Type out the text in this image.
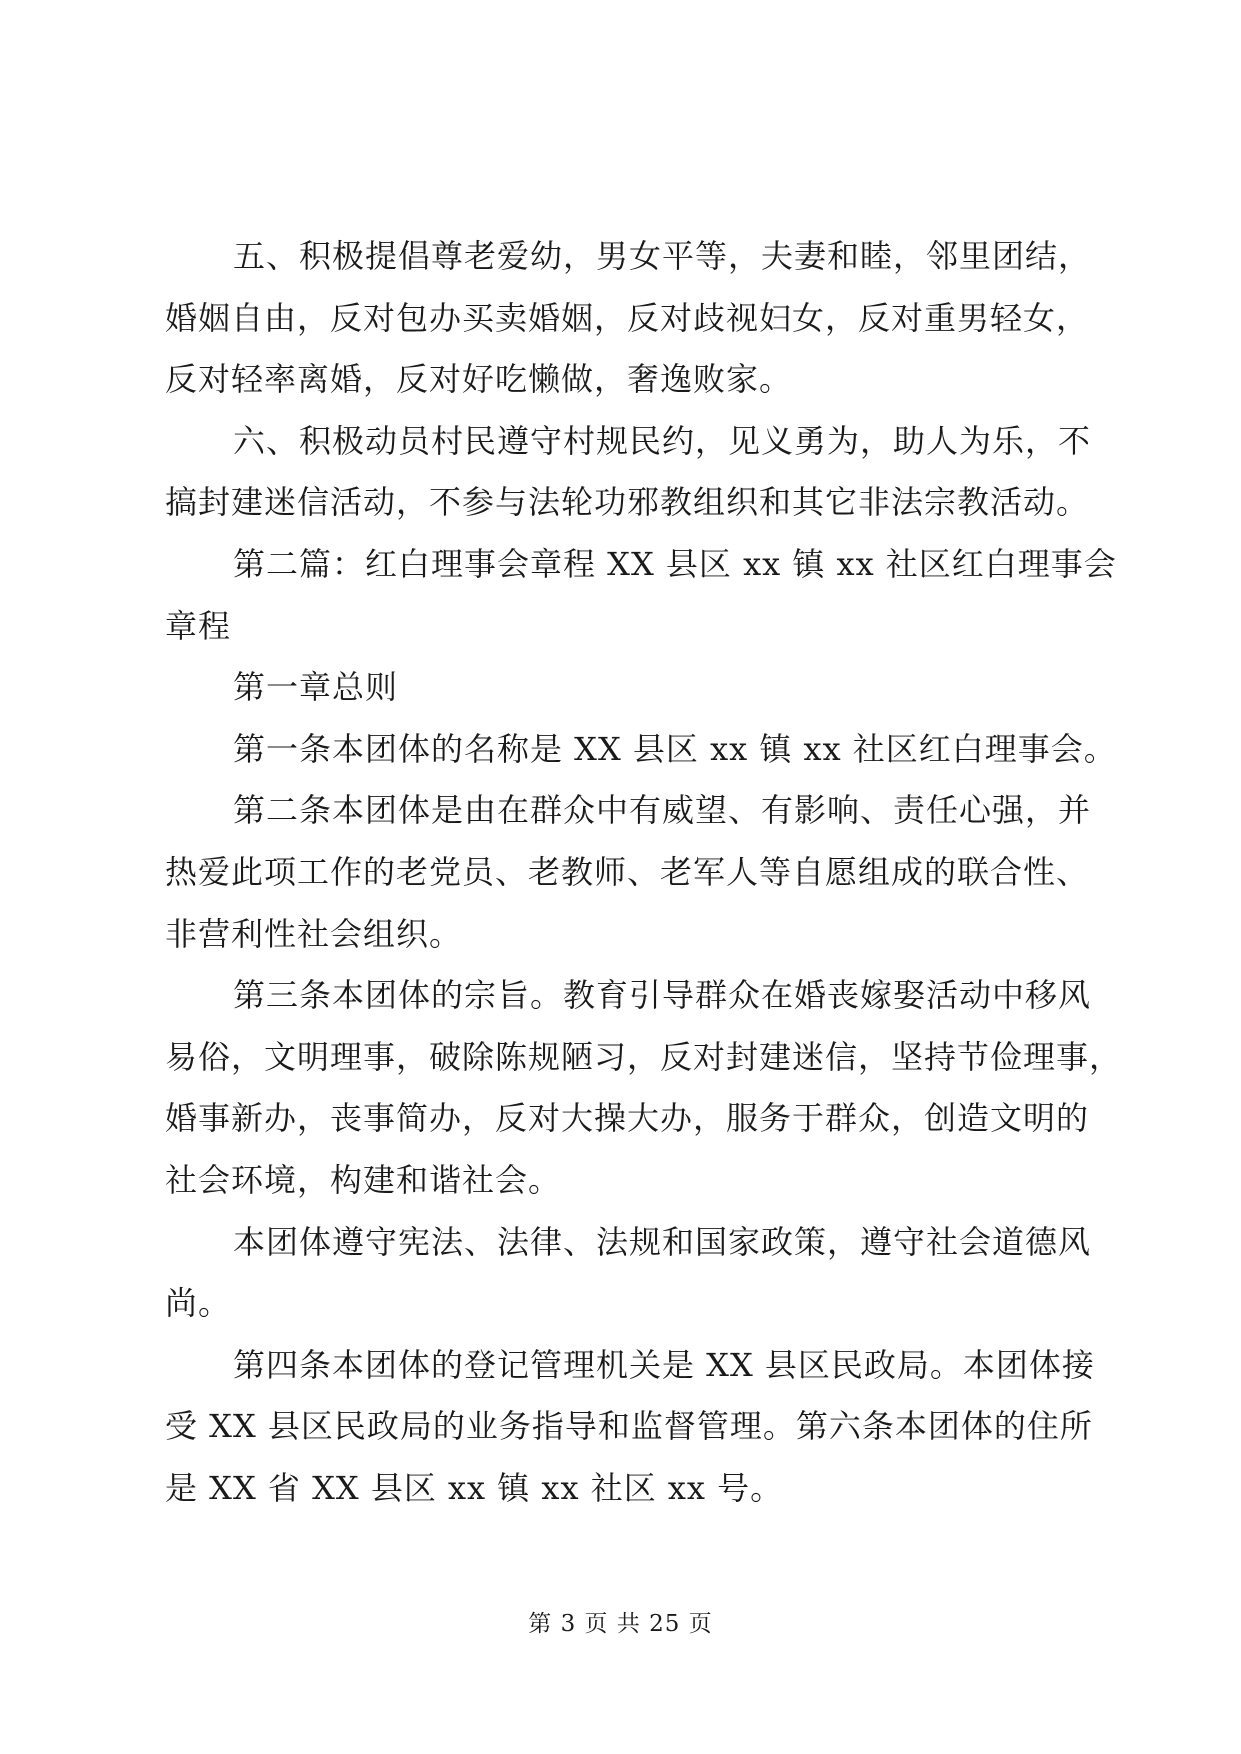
五、积极提倡尊老爱幼，男女平等，夫妻和睦，邻里团结，
婚姻自由，反对包办买卖婚姻，反对歧视妇女，反对重男轻女，
反对轻率离婚，反对好吃懒做，奢逸败家。
六、积极动员村民遵守村规民约，见义勇为，助人为乐，不
搞封建迷信活动，不参与法轮功邪教组织和其它非法宗教活动。
第二篇：红白理事会章程 XX 县区 xx 镇 xx 社区红白理事会
章程
第一章总则
第一条本团体的名称是 XX 县区 xx 镇 xx 社区红白理事会。
第二条本团体是由在群众中有威望、有影响、责任心强，并
热爱此项工作的老党员、老教师、老军人等自愿组成的联合性、
非营利性社会组织。
第三条本团体的宗旨。教育引导群众在婚丧嫁娶活动中移风
易俗，文明理事，破除陈规陋习，反对封建迷信，坚持节俭理事，
婚事新办，丧事简办，反对大操大办，服务于群众，创造文明的
社会环境，构建和谐社会。
本团体遵守宪法、法律、法规和国家政策，遵守社会道德风
尚。
第四条本团体的登记管理机关是 XX 县区民政局。本团体接
受 XX 县区民政局的业务指导和监督管理。第六条本团体的住所
是 XX 省 XX 县区 xx 镇 xx 社区 xx 号。
第 3 页 共 25 页
